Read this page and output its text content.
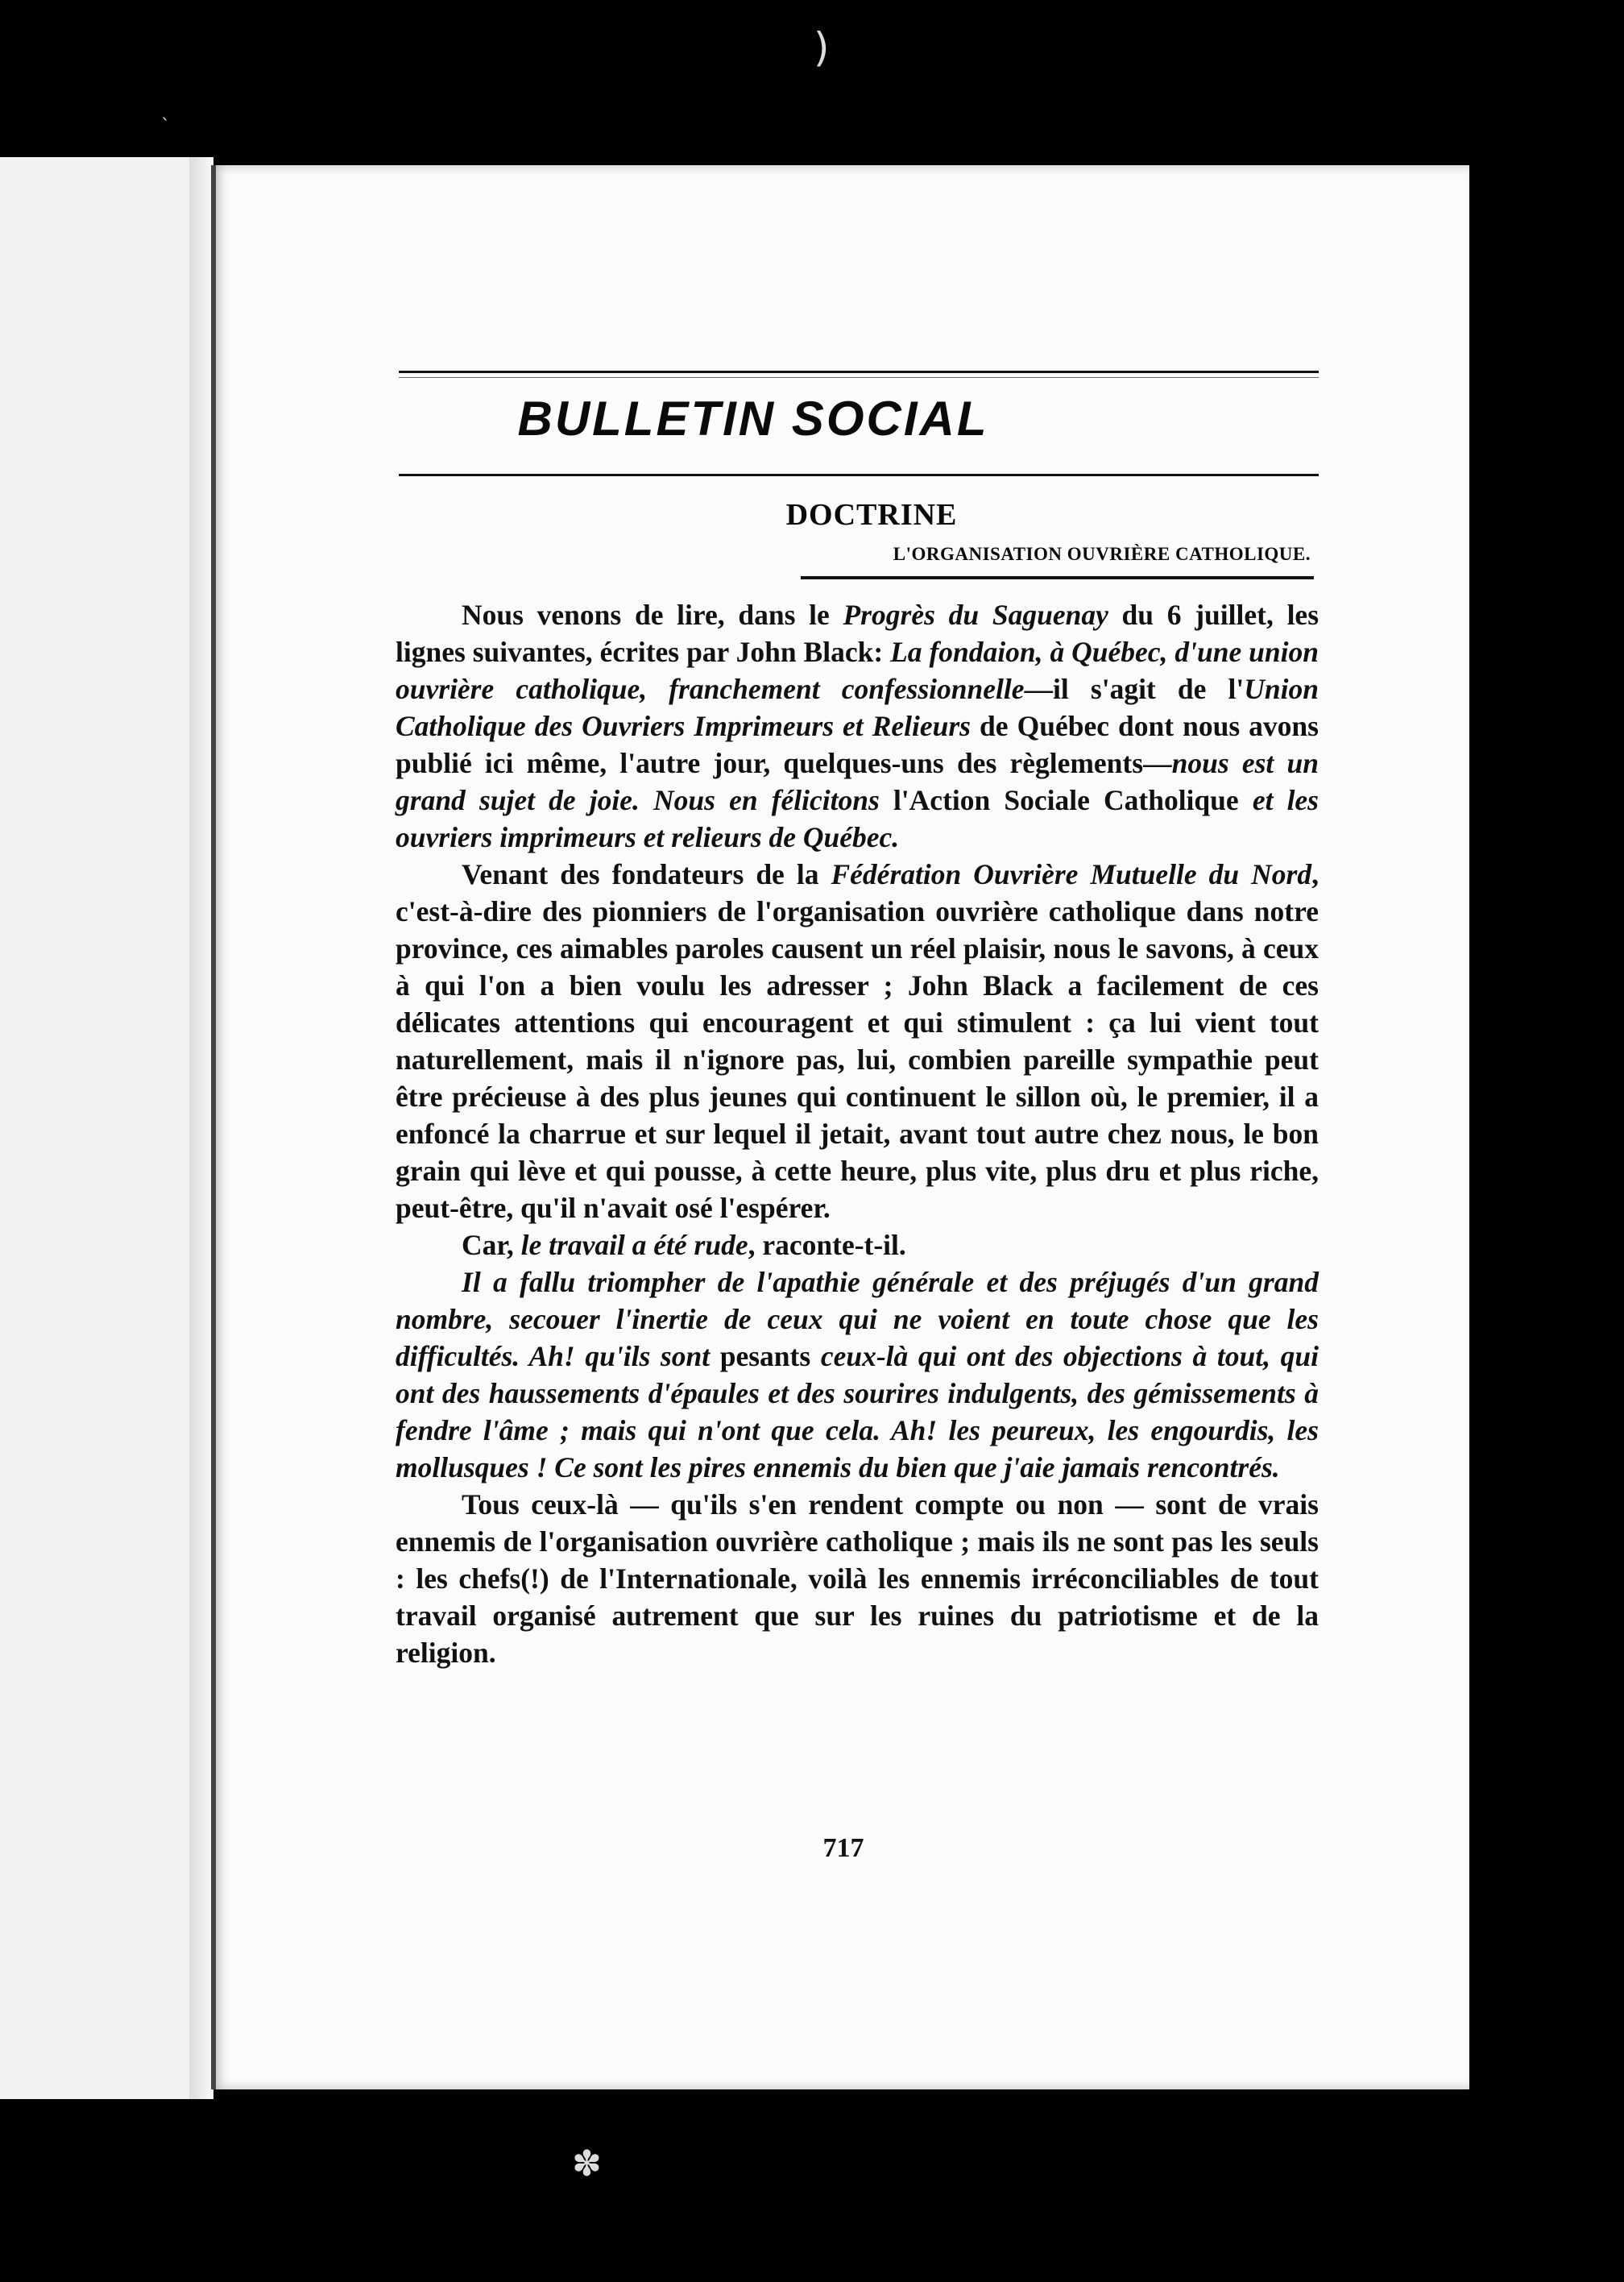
ˎ
)
✽
BULLETIN SOCIAL
DOCTRINE
L'ORGANISATION OUVRIÈRE CATHOLIQUE.

Nous venons de lire, dans le Progrès du Saguenay du 6 juillet, les lignes suivantes, écrites par John Black: La fondaion, à Québec, d'une union ouvrière catholique, franchement confessionnelle—il s'agit de l'Union Catholique des Ouvriers Imprimeurs et Relieurs de Québec dont nous avons publié ici même, l'autre jour, quelques-uns des règlements—nous est un grand sujet de joie. Nous en félicitons l'Action Sociale Catholique et les ouvriers imprimeurs et relieurs de Québec.

Venant des fondateurs de la Fédération Ouvrière Mutuelle du Nord, c'est-à-dire des pionniers de l'organisation ouvrière catholique dans notre province, ces aimables paroles causent un réel plaisir, nous le savons, à ceux à qui l'on a bien voulu les adresser ; John Black a facilement de ces délicates attentions qui encouragent et qui stimulent : ça lui vient tout naturellement, mais il n'ignore pas, lui, combien pareille sympathie peut être précieuse à des plus jeunes qui continuent le sillon où, le premier, il a enfoncé la charrue et sur lequel il jetait, avant tout autre chez nous, le bon grain qui lève et qui pousse, à cette heure, plus vite, plus dru et plus riche, peut-être, qu'il n'avait osé l'espérer.

Car, le travail a été rude, raconte-t-il.

Il a fallu triompher de l'apathie générale et des préjugés d'un grand nombre, secouer l'inertie de ceux qui ne voient en toute chose que les difficultés. Ah! qu'ils sont pesants ceux-là qui ont des objections à tout, qui ont des haussements d'épaules et des sourires indulgents, des gémissements à fendre l'âme ; mais qui n'ont que cela. Ah! les peureux, les engourdis, les mollusques ! Ce sont les pires ennemis du bien que j'aie jamais rencontrés.

Tous ceux-là — qu'ils s'en rendent compte ou non — sont de vrais ennemis de l'organisation ouvrière catholique ; mais ils ne sont pas les seuls : les chefs(!) de l'Internationale, voilà les ennemis irréconciliables de tout travail organisé autrement que sur les ruines du patriotisme et de la religion.

717
